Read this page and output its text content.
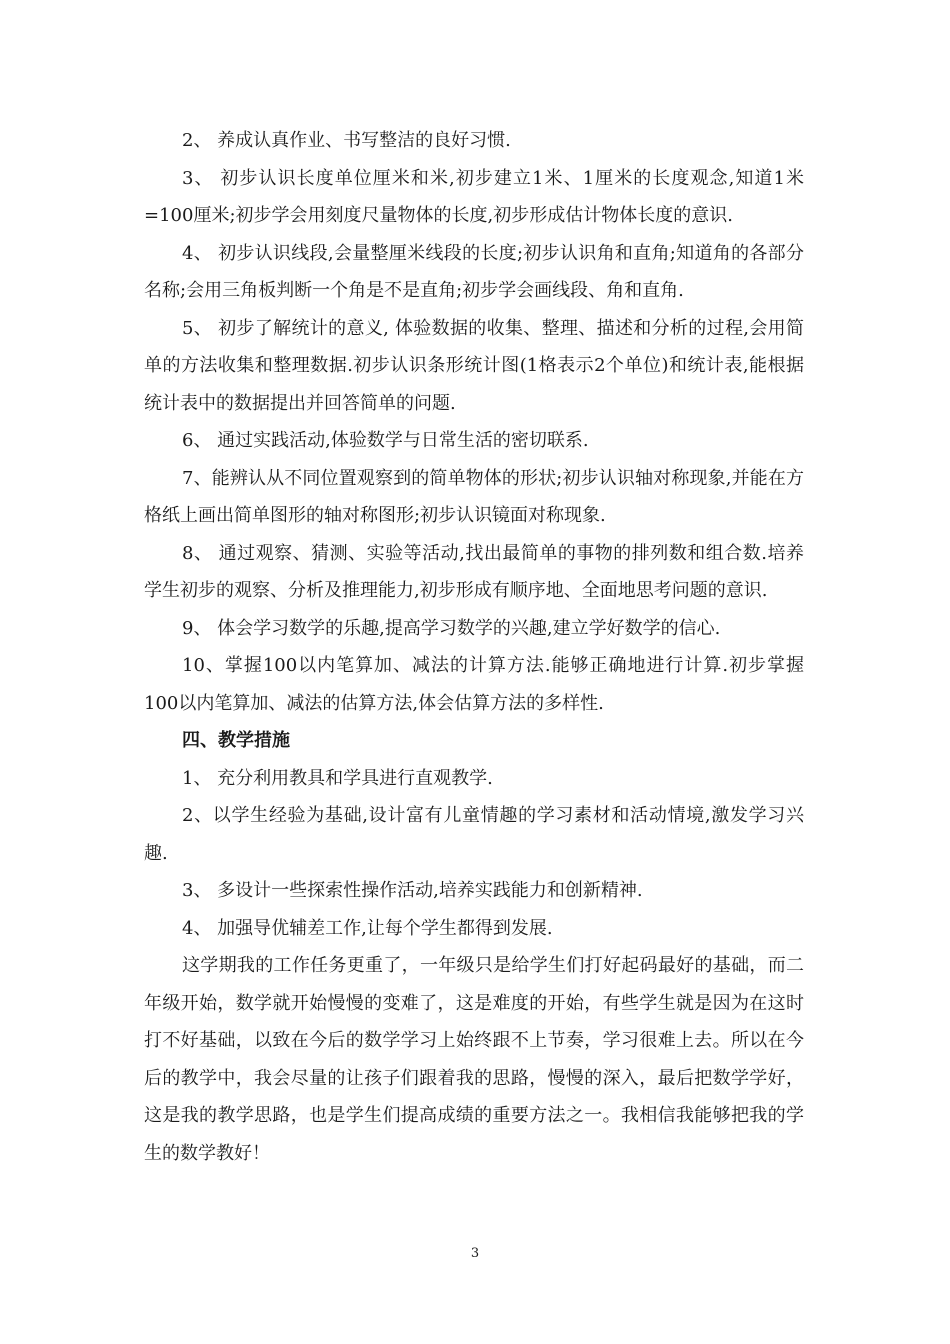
2、 养成认真作业、书写整洁的良好习惯.

3、 初步认识长度单位厘米和米,初步建立1米、1厘米的长度观念,知道1米=100厘米;初步学会用刻度尺量物体的长度,初步形成估计物体长度的意识.

4、 初步认识线段,会量整厘米线段的长度;初步认识角和直角;知道角的各部分名称;会用三角板判断一个角是不是直角;初步学会画线段、角和直角.

5、 初步了解统计的意义, 体验数据的收集、整理、描述和分析的过程,会用简单的方法收集和整理数据.初步认识条形统计图(1格表示2个单位)和统计表,能根据统计表中的数据提出并回答简单的问题.

6、 通过实践活动,体验数学与日常生活的密切联系.

7、能辨认从不同位置观察到的简单物体的形状;初步认识轴对称现象,并能在方格纸上画出简单图形的轴对称图形;初步认识镜面对称现象.

8、 通过观察、猜测、实验等活动,找出最简单的事物的排列数和组合数.培养学生初步的观察、分析及推理能力,初步形成有顺序地、全面地思考问题的意识.

9、 体会学习数学的乐趣,提高学习数学的兴趣,建立学好数学的信心.

10、掌握100以内笔算加、减法的计算方法.能够正确地进行计算.初步掌握100以内笔算加、减法的估算方法,体会估算方法的多样性.

四、教学措施

1、 充分利用教具和学具进行直观教学.

2、以学生经验为基础,设计富有儿童情趣的学习素材和活动情境,激发学习兴趣.

3、 多设计一些探索性操作活动,培养实践能力和创新精神.

4、 加强导优辅差工作,让每个学生都得到发展.

这学期我的工作任务更重了，一年级只是给学生们打好起码最好的基础，而二年级开始，数学就开始慢慢的变难了，这是难度的开始，有些学生就是因为在这时打不好基础，以致在今后的数学学习上始终跟不上节奏，学习很难上去。所以在今后的教学中，我会尽量的让孩子们跟着我的思路，慢慢的深入，最后把数学学好，这是我的教学思路，也是学生们提高成绩的重要方法之一。我相信我能够把我的学生的数学教好！

3
